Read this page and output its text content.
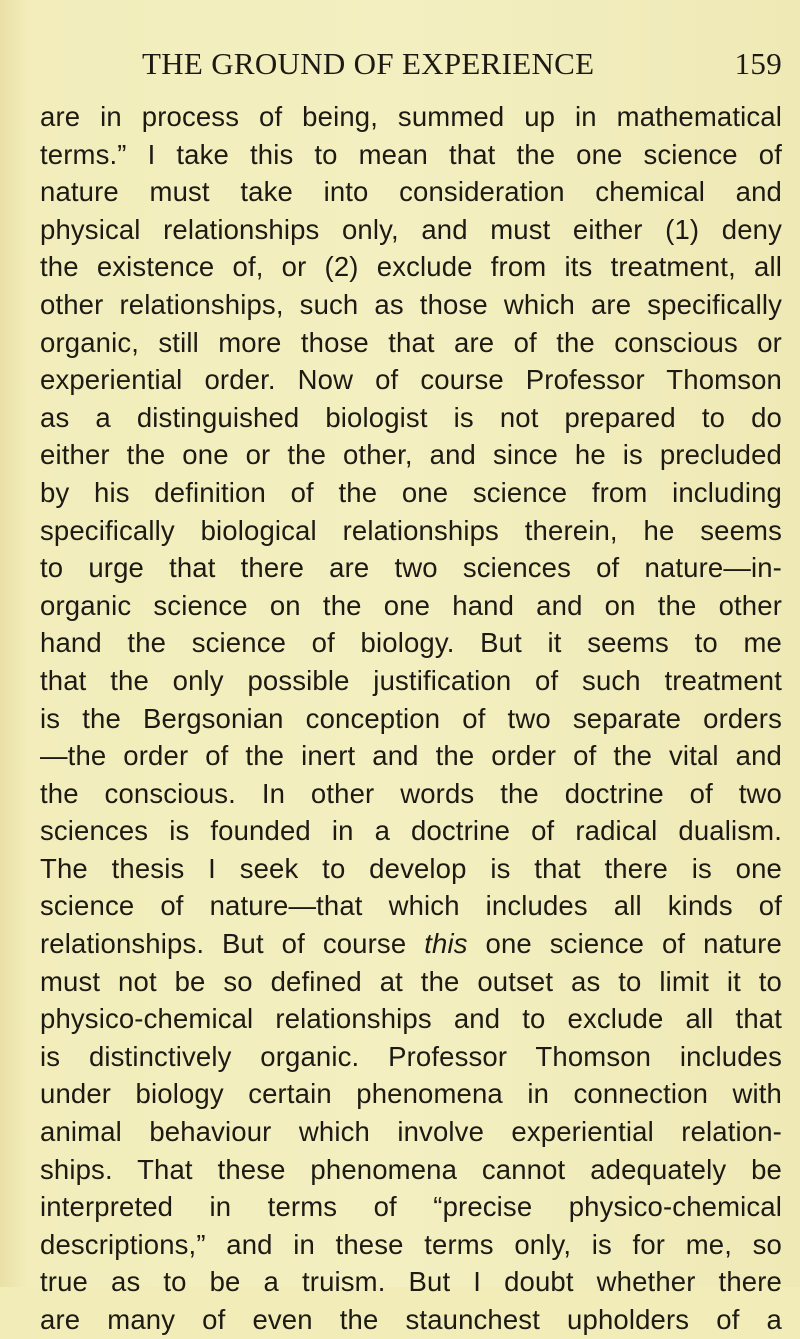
THE GROUND OF EXPERIENCE	159
are in process of being, summed up in mathematical
terms.” I take this to mean that the one science of
nature must take into consideration chemical and
physical relationships only, and must either (1) deny
the existence of, or (2) exclude from its treatment, all
other relationships, such as those which are specifically
organic, still more those that are of the conscious or
experiential order. Now of course Professor Thomson
as a distinguished biologist is not prepared to do
either the one or the other, and since he is precluded
by his definition of the one science from including
specifically biological relationships therein, he seems
to urge that there are two sciences of nature—in-
organic science on the one hand and on the other
hand the science of biology. But it seems to me
that the only possible justification of such treatment
is the Bergsonian conception of two separate orders
—the order of the inert and the order of the vital and
the conscious. In other words the doctrine of two
sciences is founded in a doctrine of radical dualism.
The thesis I seek to develop is that there is one
science of nature—that which includes all kinds of
relationships. But of course this one science of nature
must not be so defined at the outset as to limit it to
physico-chemical relationships and to exclude all that
is distinctively organic. Professor Thomson includes
under biology certain phenomena in connection with
animal behaviour which involve experiential relation-
ships. That these phenomena cannot adequately be
interpreted in terms of “precise physico-chemical
descriptions,” and in these terms only, is for me, so
true as to be a truism. But I doubt whether there
are many of even the staunchest upholders of a
